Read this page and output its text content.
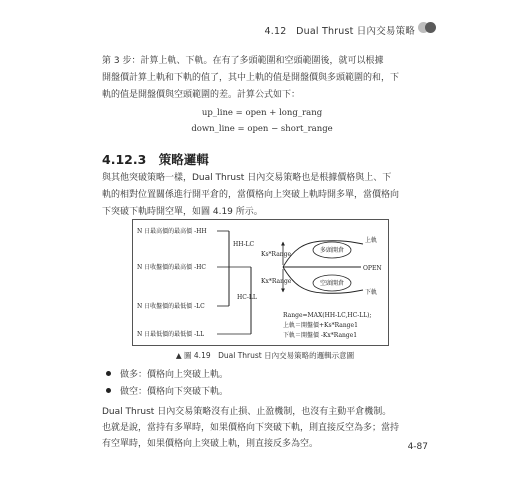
4.12　Dual Thrust 日內交易策略
第 3 步：計算上軌、下軌。在有了多頭範圍和空頭範圍後，就可以根據
開盤價計算上軌和下軌的值了，其中上軌的值是開盤價與多頭範圍的和，下
軌的值是開盤價與空頭範圍的差。計算公式如下：
up_line = open + long_rang
down_line = open − short_range
4.12.3　策略邏輯
與其他突破策略一樣，Dual Thrust 日內交易策略也是根據價格與上、下
軌的相對位置關係進行開平倉的，當價格向上突破上軌時開多單，當價格向
下突破下軌時開空單，如圖 4.19 所示。
N 日最高價的最高價 -HH
N 日收盤價的最高價 -HC
N 日收盤價的最低價 -LC
N 日最低價的最低價 -LL
HH-LC
HC-LL
OPEN
Ks*Range
Kx*Range
上軌
下軌
多頭開倉
空頭開倉
Range=MAX(HH-LC,HC-LL);
上軌＝開盤價+Ks*Range1
下軌＝開盤價 -Kx*Range1
▲ 圖 4.19　Dual Thrust 日內交易策略的邏輯示意圖
做多：價格向上突破上軌。
做空：價格向下突破下軌。
Dual Thrust 日內交易策略沒有止損、止盈機制，也沒有主動平倉機制。
也就是說，當持有多單時，如果價格向下突破下軌，則直接反空為多；當持
有空單時，如果價格向上突破上軌，則直接反多為空。	4-87
